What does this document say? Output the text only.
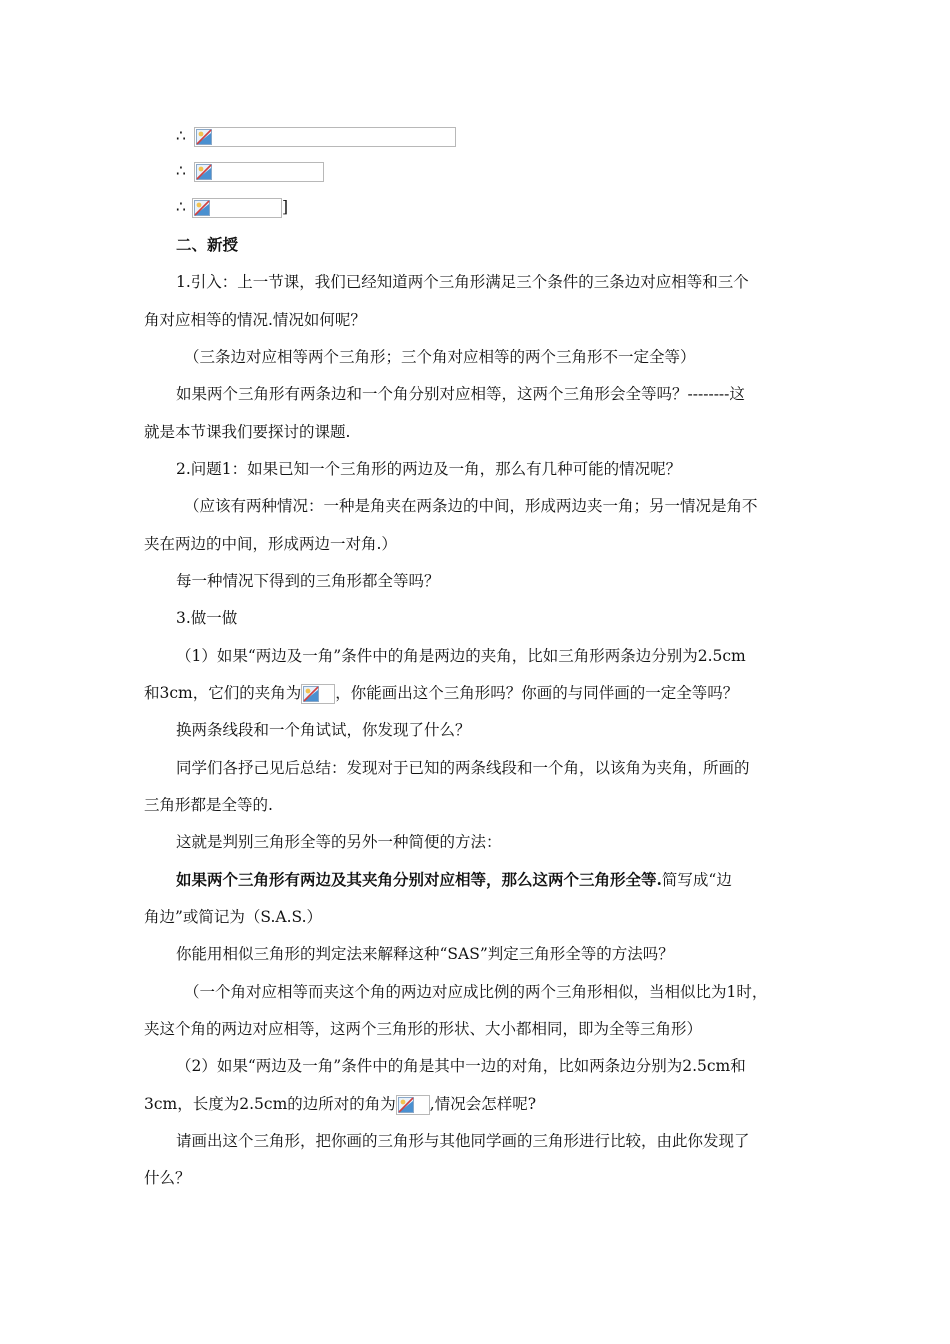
∴
∴
∴	]
二、新授
1.引入：上一节课，我们已经知道两个三角形满足三个条件的三条边对应相等和三个
角对应相等的情况.情况如何呢？
（三条边对应相等两个三角形；三个角对应相等的两个三角形不一定全等）
如果两个三角形有两条边和一个角分别对应相等，这两个三角形会全等吗？--------这
就是本节课我们要探讨的课题.
2.问题1：如果已知一个三角形的两边及一角，那么有几种可能的情况呢？
（应该有两种情况：一种是角夹在两条边的中间，形成两边夹一角；另一情况是角不
夹在两边的中间，形成两边一对角.）
每一种情况下得到的三角形都全等吗？
3.做一做
（1）如果“两边及一角”条件中的角是两边的夹角，比如三角形两条边分别为2.5cm
和3cm，它们的夹角为 ，你能画出这个三角形吗？你画的与同伴画的一定全等吗？
换两条线段和一个角试试，你发现了什么？
同学们各抒己见后总结：发现对于已知的两条线段和一个角，以该角为夹角，所画的
三角形都是全等的.
这就是判别三角形全等的另外一种简便的方法：
如果两个三角形有两边及其夹角分别对应相等，那么这两个三角形全等.简写成“边
角边”或简记为（S.A.S.）
你能用相似三角形的判定法来解释这种“SAS”判定三角形全等的方法吗？
（一个角对应相等而夹这个角的两边对应成比例的两个三角形相似，当相似比为1时，
夹这个角的两边对应相等，这两个三角形的形状、大小都相同，即为全等三角形）
（2）如果“两边及一角”条件中的角是其中一边的对角，比如两条边分别为2.5cm和
3cm，长度为2.5cm的边所对的角为 ,情况会怎样呢?
请画出这个三角形，把你画的三角形与其他同学画的三角形进行比较，由此你发现了
什么？
